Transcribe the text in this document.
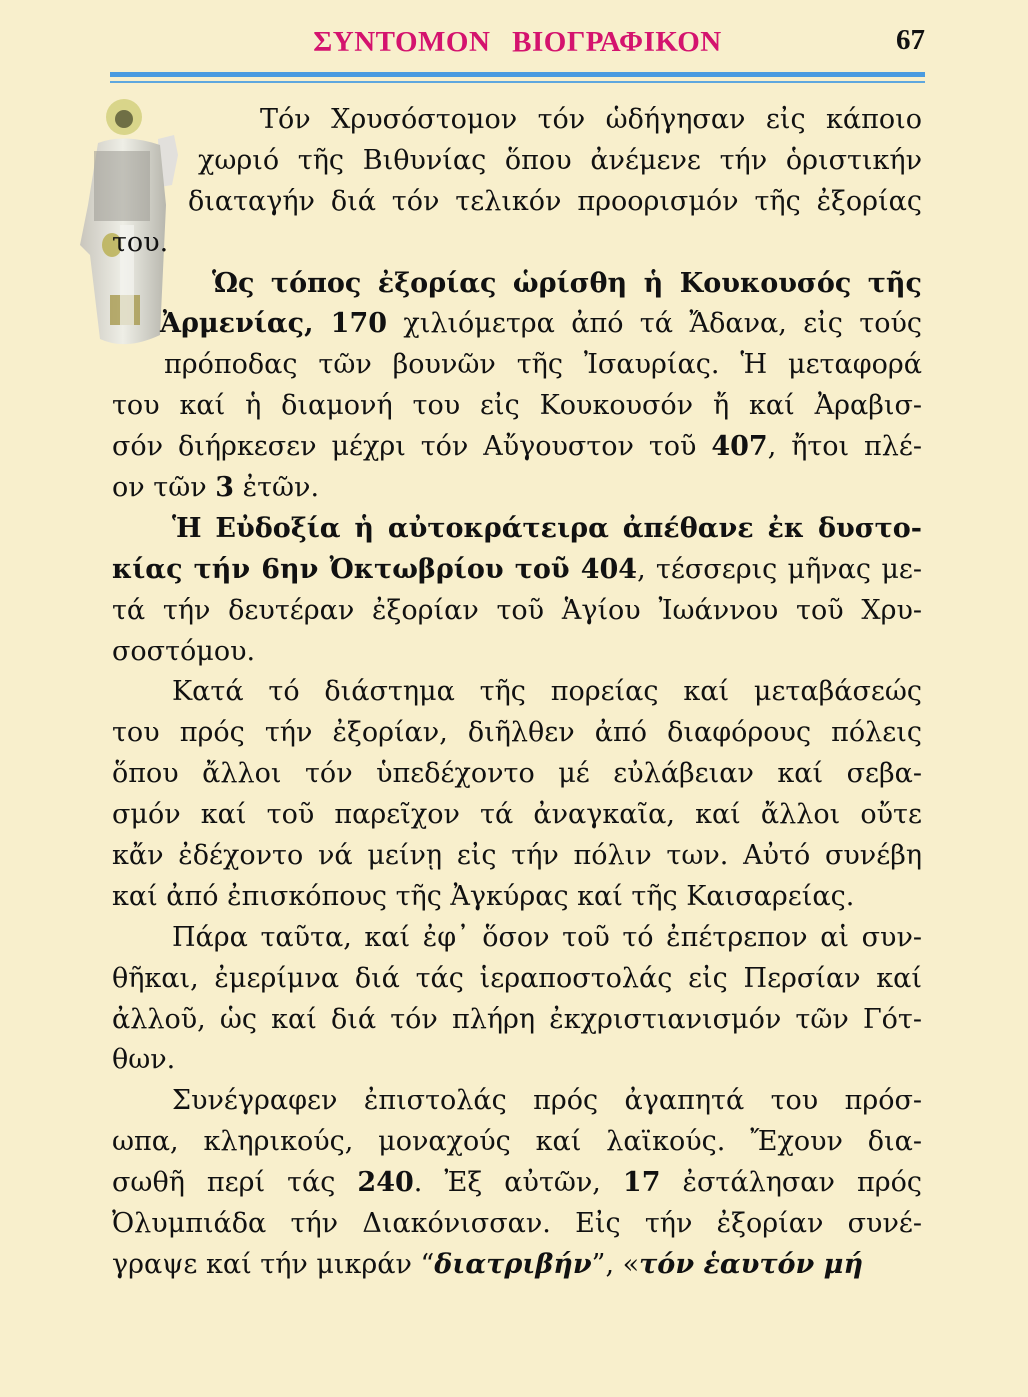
ΣΥΝΤΟΜΟΝ ΒΙΟΓΡΑΦΙΚΟΝ	67
Τόν Χρυσόστομον τόν ὡδήγησαν εἰς κάποιο
χωριό τῆς Βιθυνίας ὅπου ἀνέμενε τήν ὁριστικήν
διαταγήν διά τόν τελικόν προορισμόν τῆς ἐξορίας
του.
Ὡς τόπος ἐξορίας ὡρίσθη ἡ Κουκουσός τῆς
Ἀρμενίας, 170 χιλιόμετρα ἀπό τά Ἄδανα, εἰς τούς
πρόποδας τῶν βουνῶν τῆς Ἰσαυρίας. Ἡ μεταφορά
του καί ἡ διαμονή του εἰς Κουκουσόν ἤ καί Ἀραβισ-
σόν διήρκεσεν μέχρι τόν Αὔγουστον τοῦ 407, ἤτοι πλέ-
ον τῶν 3 ἐτῶν.
Ἡ Εὐδοξία ἡ αὐτοκράτειρα ἀπέθανε ἐκ δυστο-
κίας τήν 6ην Ὀκτωβρίου τοῦ 404, τέσσερις μῆνας με-
τά τήν δευτέραν ἐξορίαν τοῦ Ἁγίου Ἰωάννου τοῦ Χρυ-
σοστόμου.
Κατά τό διάστημα τῆς πορείας καί μεταβάσεώς
του πρός τήν ἐξορίαν, διῆλθεν ἀπό διαφόρους πόλεις
ὅπου ἄλλοι τόν ὑπεδέχοντο μέ εὐλάβειαν καί σεβα-
σμόν καί τοῦ παρεῖχον τά ἀναγκαῖα, καί ἄλλοι οὔτε
κἄν ἐδέχοντο νά μείνῃ εἰς τήν πόλιν των. Αὐτό συνέβη
καί ἀπό ἐπισκόπους τῆς Ἀγκύρας καί τῆς Καισαρείας.
Πάρα ταῦτα, καί ἐφ᾽ ὅσον τοῦ τό ἐπέτρεπον αἱ συν-
θῆκαι, ἐμερίμνα διά τάς ἱεραποστολάς εἰς Περσίαν καί
ἀλλοῦ, ὡς καί διά τόν πλήρη ἐκχριστιανισμόν τῶν Γότ-
θων.
Συνέγραφεν ἐπιστολάς πρός ἀγαπητά του πρόσ-
ωπα, κληρικούς, μοναχούς καί λαϊκούς. Ἔχουν δια-
σωθῆ περί τάς 240. Ἐξ αὐτῶν, 17 ἐστάλησαν πρός
Ὀλυμπιάδα τήν Διακόνισσαν. Εἰς τήν ἐξορίαν συνέ-
γραψε καί τήν μικράν “διατριβήν”, «τόν ἑαυτόν μή
